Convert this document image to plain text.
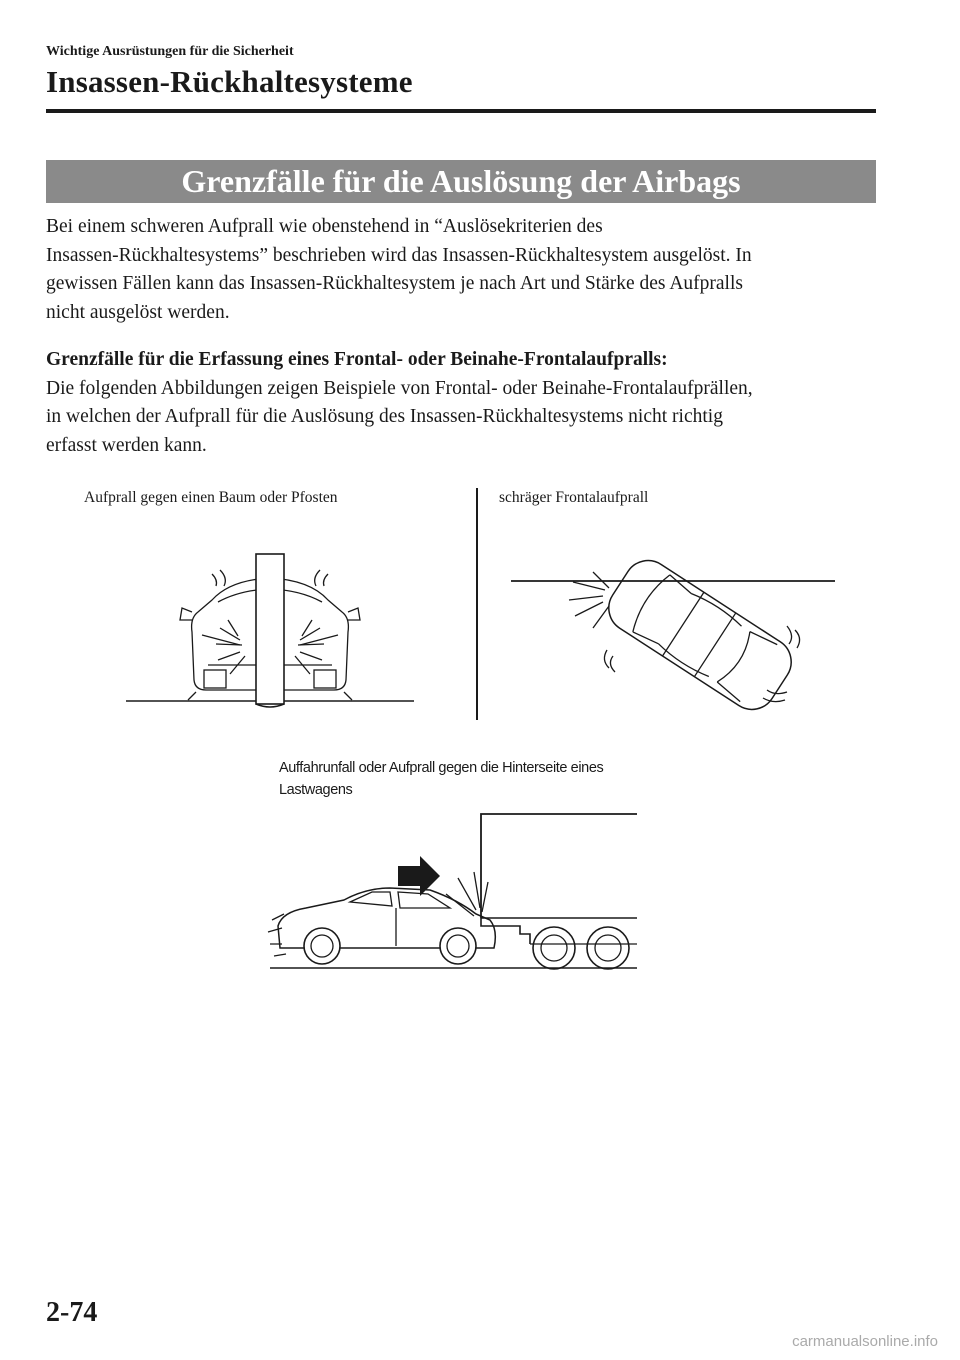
Wichtige Ausrüstungen für die Sicherheit
Insassen-Rückhaltesysteme
Grenzfälle für die Auslösung der Airbags
Bei einem schweren Aufprall wie obenstehend in “Auslösekriterien des
Insassen-Rückhaltesystems” beschrieben wird das Insassen-Rückhaltesystem ausgelöst. In
gewissen Fällen kann das Insassen-Rückhaltesystem je nach Art und Stärke des Aufpralls
nicht ausgelöst werden.
Grenzfälle für die Erfassung eines Frontal- oder Beinahe-Frontalaufpralls:
Die folgenden Abbildungen zeigen Beispiele von Frontal- oder Beinahe-Frontalaufprällen,
in welchen der Aufprall für die Auslösung des Insassen-Rückhaltesystems nicht richtig
erfasst werden kann.
Aufprall gegen einen Baum oder Pfosten	schräger Frontalaufprall
Auffahrunfall oder Aufprall gegen die Hinterseite eines
Lastwagens
2-74
carmanualsonline.info
